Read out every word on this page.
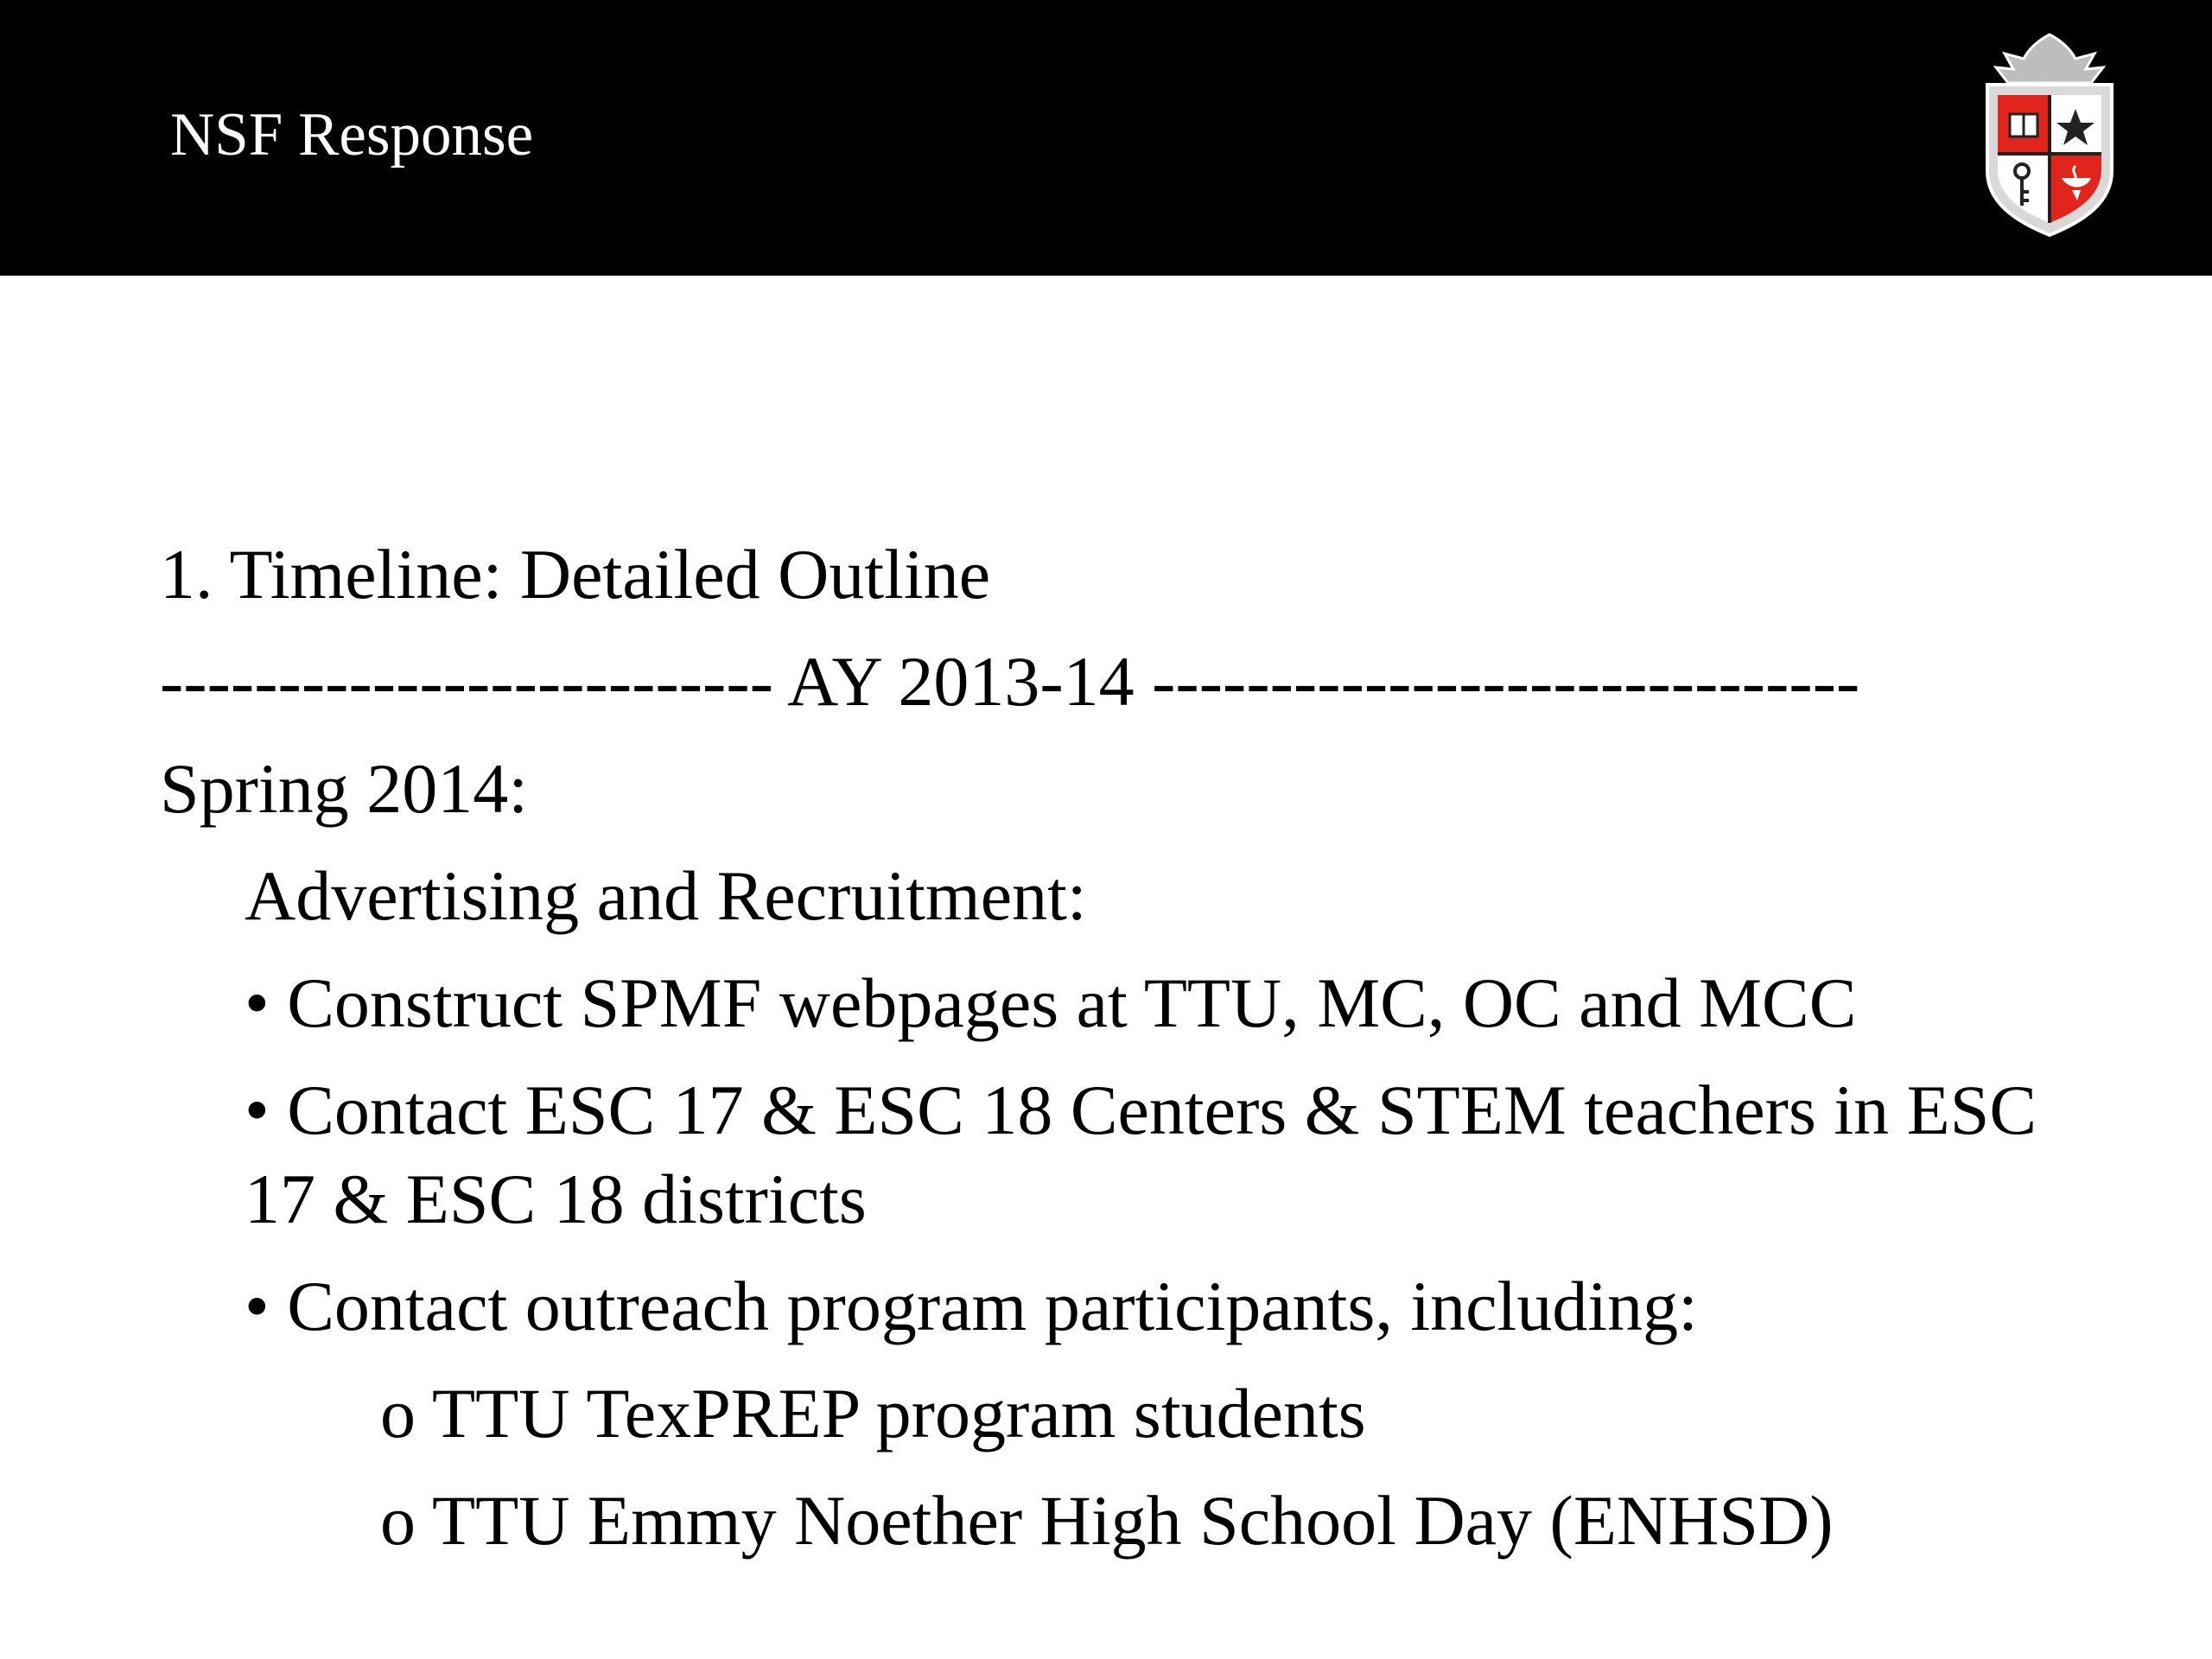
NSF Response
1. Timeline: Detailed Outline
-------------------------- AY 2013-14 ------------------------------
Spring 2014:
Advertising and Recruitment:
• Construct SPMF webpages at TTU, MC, OC and MCC
• Contact ESC 17 & ESC 18 Centers & STEM teachers in ESC
17 & ESC 18 districts
• Contact outreach program participants, including:
o TTU TexPREP program students
o TTU Emmy Noether High School Day (ENHSD)
